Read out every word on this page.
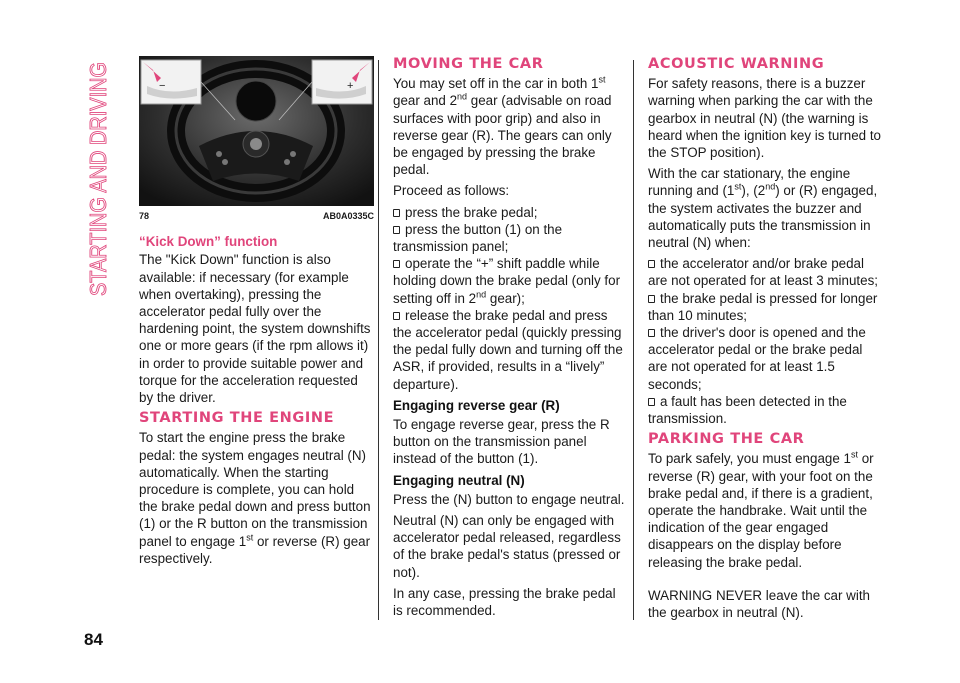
STARTING AND DRIVING	−	+
78	AB0A0335C
“Kick Down” function

The "Kick Down" function is also available: if necessary (for example when overtaking), pressing the accelerator pedal fully over the hardening point, the system downshifts one or more gears (if the rpm allows it) in order to provide suitable power and torque for the acceleration requested by the driver.

STARTING THE ENGINE

To start the engine press the brake pedal: the system engages neutral (N) automatically. When the starting procedure is complete, you can hold the brake pedal down and press button (1) or the R button on the transmission panel to engage 1st or reverse (R) gear respectively.

MOVING THE CAR

You may set off in the car in both 1st gear and 2nd gear (advisable on road surfaces with poor grip) and also in reverse gear (R). The gears can only be engaged by pressing the brake pedal.

Proceed as follows:

press the brake pedal;
press the button (1) on the transmission panel;
operate the “+” shift paddle while holding down the brake pedal (only for setting off in 2nd gear);
release the brake pedal and press the accelerator pedal (quickly pressing the pedal fully down and turning off the ASR, if provided, results in a “lively” departure).
Engaging reverse gear (R)

To engage reverse gear, press the R button on the transmission panel instead of the button (1).

Engaging neutral (N)

Press the (N) button to engage neutral.

Neutral (N) can only be engaged with accelerator pedal released, regardless of the brake pedal's status (pressed or not).

In any case, pressing the brake pedal is recommended.

ACOUSTIC WARNING

For safety reasons, there is a buzzer warning when parking the car with the gearbox in neutral (N) (the warning is heard when the ignition key is turned to the STOP position).

With the car stationary, the engine running and (1st), (2nd) or (R) engaged, the system activates the buzzer and automatically puts the transmission in neutral (N) when:

the accelerator and/or brake pedal are not operated for at least 3 minutes;
the brake pedal is pressed for longer than 10 minutes;
the driver's door is opened and the accelerator pedal or the brake pedal are not operated for at least 1.5 seconds;
a fault has been detected in the transmission.
PARKING THE CAR

To park safely, you must engage 1st or reverse (R) gear, with your foot on the brake pedal and, if there is a gradient, operate the handbrake. Wait until the indication of the gear engaged disappears on the display before releasing the brake pedal.

WARNING NEVER leave the car with the gearbox in neutral (N).

84
